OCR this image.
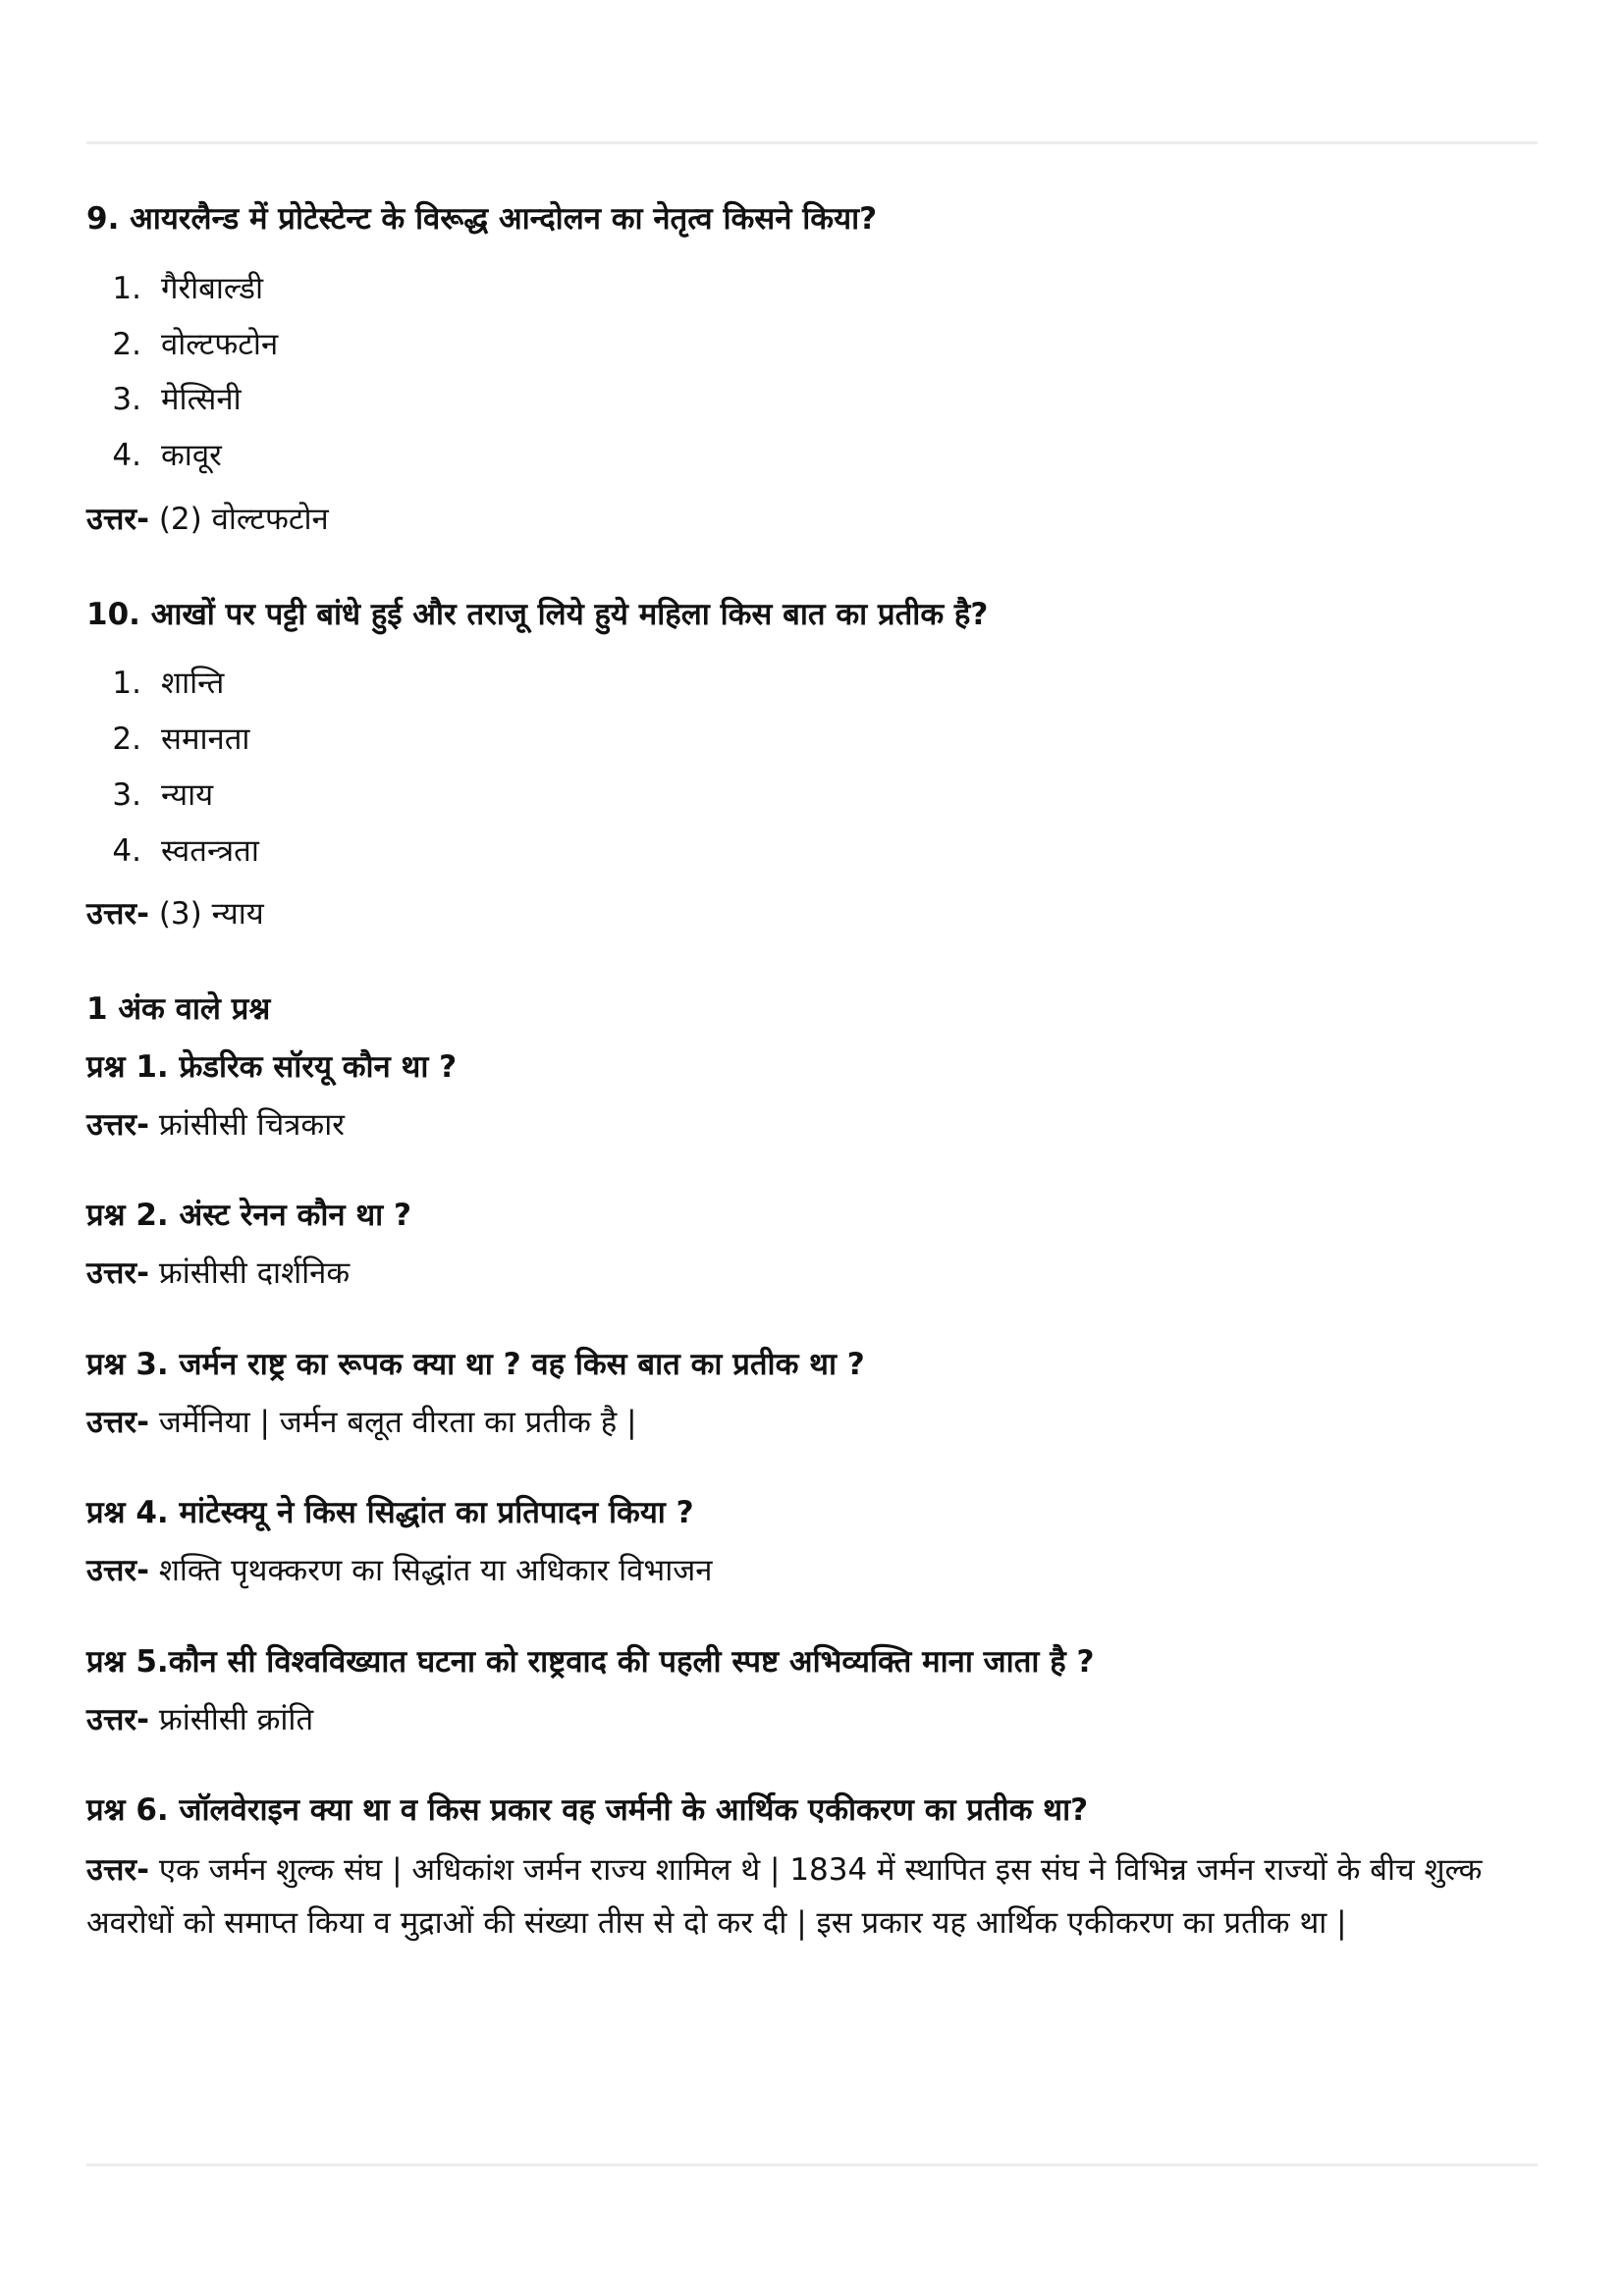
9. आयरलैन्ड में प्रोटेस्टेन्ट के विरूद्ध आन्दोलन का नेतृत्व किसने किया?

1. गैरीबाल्डी
2. वोल्टफटोन
3. मेत्सिनी
4. कावूर

उत्तर- (2) वोल्टफटोन

10. आखों पर पट्टी बांधे हुई और तराजू लिये हुये महिला किस बात का प्रतीक है?

1. शान्ति
2. समानता
3. न्याय
4. स्वतन्त्रता

उत्तर- (3) न्याय

1 अंक वाले प्रश्न

प्रश्न 1. फ्रेडरिक सॉरयू कौन था ?

उत्तर- फ्रांसीसी चित्रकार

प्रश्न 2. अंस्ट रेनन कौन था ?

उत्तर- फ्रांसीसी दार्शनिक

प्रश्न 3. जर्मन राष्ट्र का रूपक क्या था ? वह किस बात का प्रतीक था ?

उत्तर- जर्मेनिया | जर्मन बलूत वीरता का प्रतीक है |

प्रश्न 4. मांटेस्क्यू ने किस सिद्धांत का प्रतिपादन किया ?

उत्तर- शक्ति पृथक्करण का सिद्धांत या अधिकार विभाजन

प्रश्न 5.कौन सी विश्वविख्यात घटना को राष्ट्रवाद की पहली स्पष्ट अभिव्यक्ति माना जाता है ?

उत्तर- फ्रांसीसी क्रांति

प्रश्न 6. जॉलवेराइन क्या था व किस प्रकार वह जर्मनी के आर्थिक एकीकरण का प्रतीक था?

उत्तर- एक जर्मन शुल्क संघ | अधिकांश जर्मन राज्य शामिल थे | 1834 में स्थापित इस संघ ने विभिन्न जर्मन राज्यों के बीच शुल्क अवरोधों को समाप्त किया व मुद्राओं की संख्या तीस से दो कर दी | इस प्रकार यह आर्थिक एकीकरण का प्रतीक था |
